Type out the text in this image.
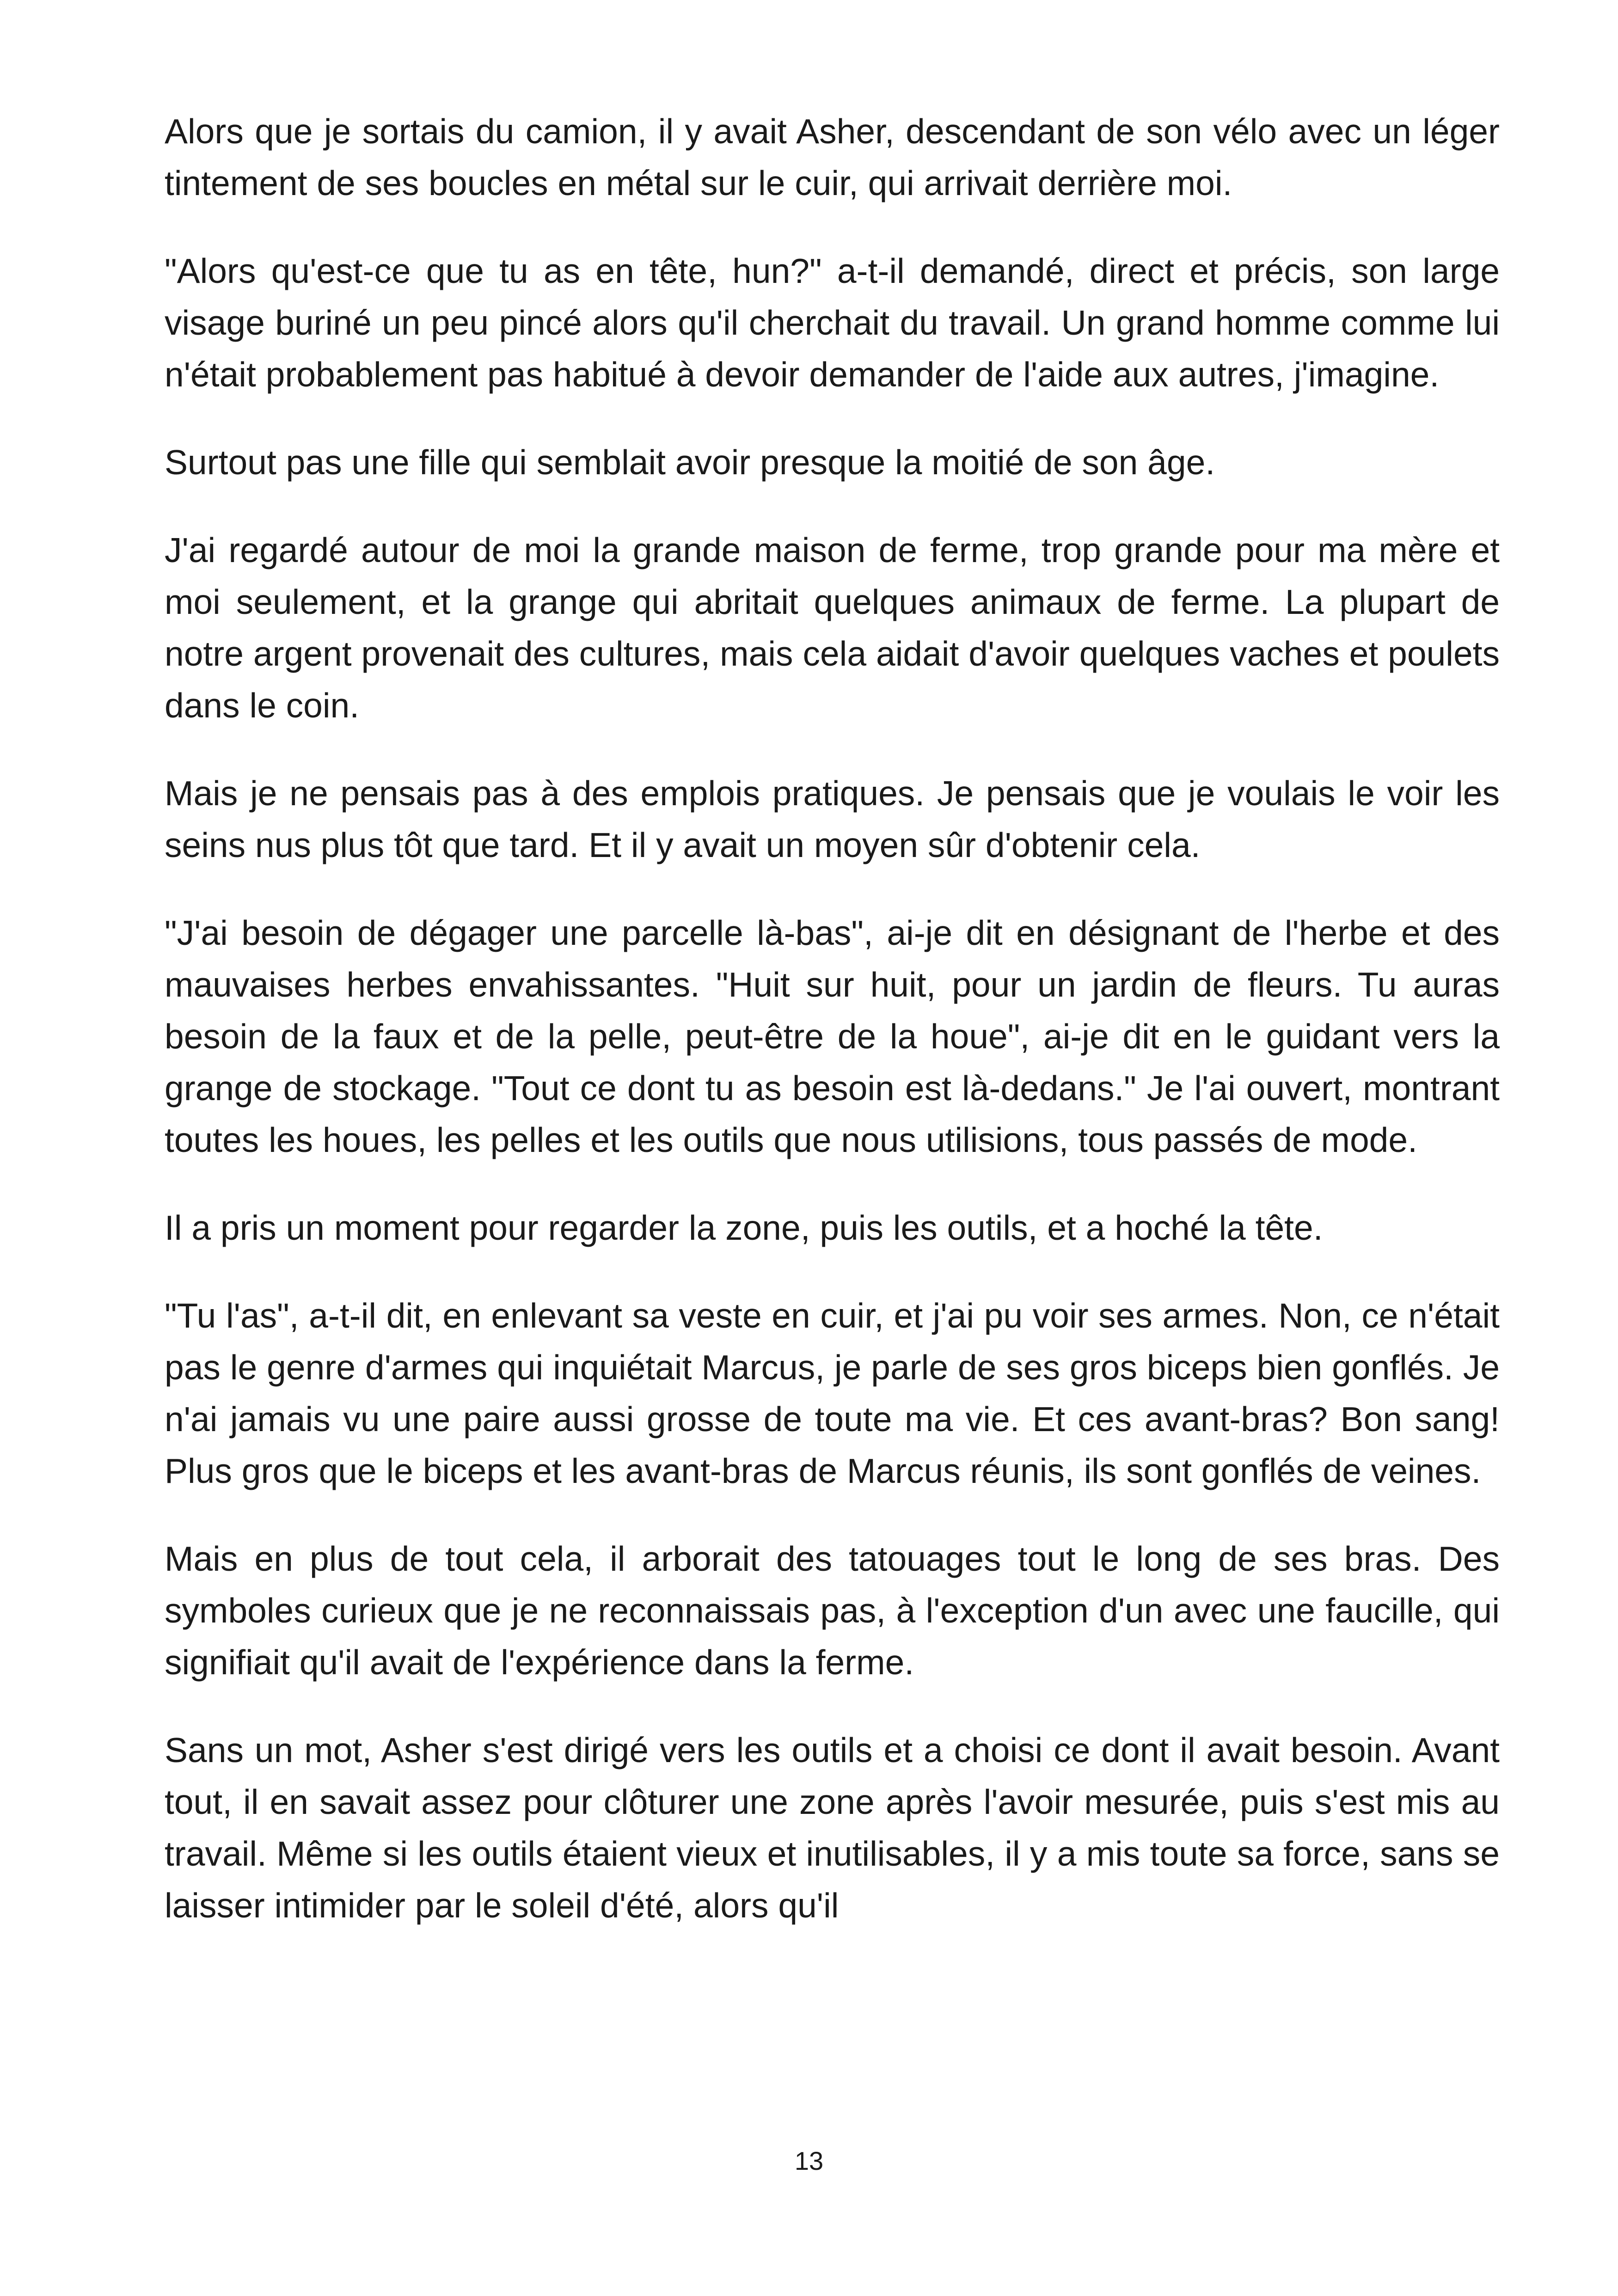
Alors que je sortais du camion, il y avait Asher, descendant de son vélo avec un léger tintement de ses boucles en métal sur le cuir, qui arrivait derrière moi.

"Alors qu'est-ce que tu as en tête, hun?" a-t-il demandé, direct et précis, son large visage buriné un peu pincé alors qu'il cherchait du travail. Un grand homme comme lui n'était probablement pas habitué à devoir demander de l'aide aux autres, j'imagine.

Surtout pas une fille qui semblait avoir presque la moitié de son âge.

J'ai regardé autour de moi la grande maison de ferme, trop grande pour ma mère et moi seulement, et la grange qui abritait quelques animaux de ferme. La plupart de notre argent provenait des cultures, mais cela aidait d'avoir quelques vaches et poulets dans le coin.

Mais je ne pensais pas à des emplois pratiques. Je pensais que je voulais le voir les seins nus plus tôt que tard. Et il y avait un moyen sûr d'obtenir cela.

"J'ai besoin de dégager une parcelle là-bas", ai-je dit en désignant de l'herbe et des mauvaises herbes envahissantes. "Huit sur huit, pour un jardin de fleurs. Tu auras besoin de la faux et de la pelle, peut-être de la houe", ai-je dit en le guidant vers la grange de stockage. "Tout ce dont tu as besoin est là-dedans." Je l'ai ouvert, montrant toutes les houes, les pelles et les outils que nous utilisions, tous passés de mode.

Il a pris un moment pour regarder la zone, puis les outils, et a hoché la tête.

"Tu l'as", a-t-il dit, en enlevant sa veste en cuir, et j'ai pu voir ses armes. Non, ce n'était pas le genre d'armes qui inquiétait Marcus, je parle de ses gros biceps bien gonflés. Je n'ai jamais vu une paire aussi grosse de toute ma vie. Et ces avant-bras? Bon sang! Plus gros que le biceps et les avant-bras de Marcus réunis, ils sont gonflés de veines.

Mais en plus de tout cela, il arborait des tatouages tout le long de ses bras. Des symboles curieux que je ne reconnaissais pas, à l'exception d'un avec une faucille, qui signifiait qu'il avait de l'expérience dans la ferme.

Sans un mot, Asher s'est dirigé vers les outils et a choisi ce dont il avait besoin. Avant tout, il en savait assez pour clôturer une zone après l'avoir mesurée, puis s'est mis au travail. Même si les outils étaient vieux et inutilisables, il y a mis toute sa force, sans se laisser intimider par le soleil d'été, alors qu'il

13
